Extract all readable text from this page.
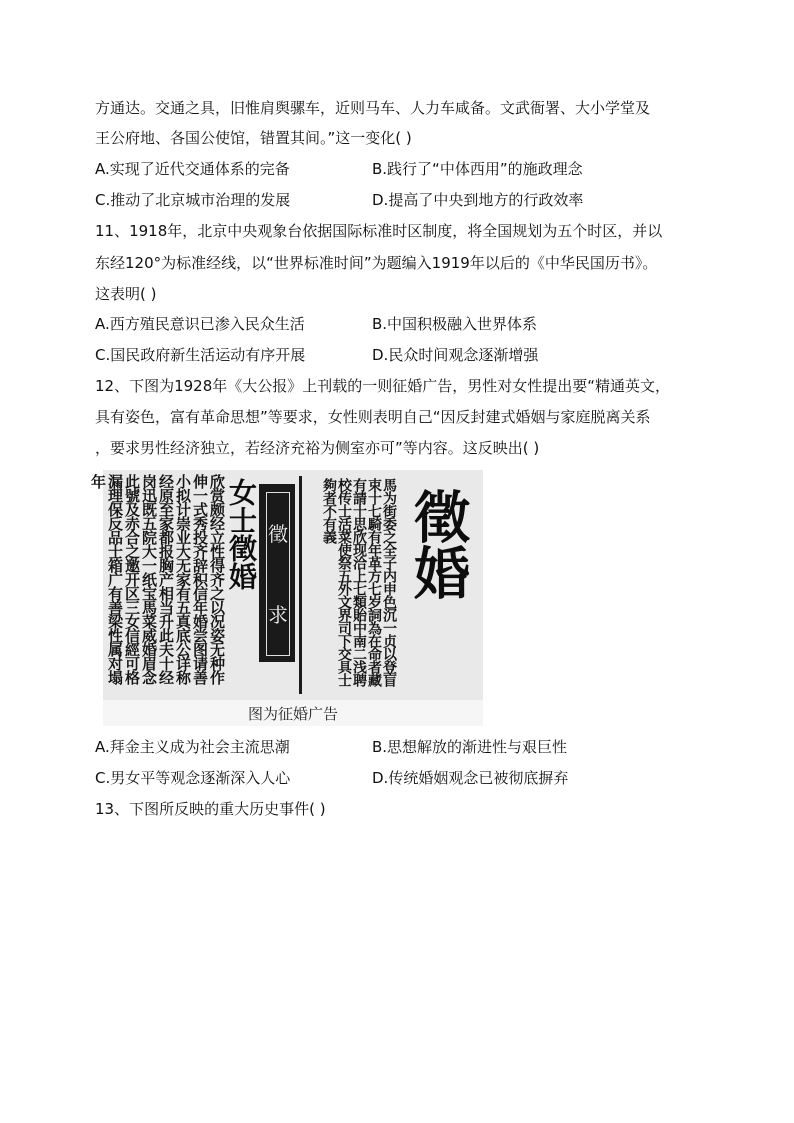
方通达。交通之具，旧惟肩舆骡车，近则马车、人力车咸备。文武衙署、大小学堂及
王公府地、各国公使馆，错置其间。”这一变化( )
A.实现了近代交通体系的完备	B.践行了“中体西用”的施政理念
C.推动了北京城市治理的发展	D.提高了中央到地方的行政效率
11、1918年，北京中央观象台依据国际标准时区制度，将全国规划为五个时区，并以
东经120°为标准经线，以“世界标准时间”为题编入1919年以后的《中华民国历书》。
这表明( )
A.西方殖民意识已渗入民众生活	B.中国积极融入世界体系
C.国民政府新生活运动有序开展	D.民众时间观念逐渐增强
12、下图为1928年《大公报》上刊载的一则征婚广告，男性对女性提出要“精通英文，
具有姿色，富有革命思想”等要求，女性则表明自己“因反封建式婚姻与家庭脱离关系
，要求男性经济独立，若经济充裕为侧室亦可”等内容。这反映出( )
欣赏颇经立性得齐之以况姿无种作伸一式秀投齐辞积信年婚尝图请善小拟计崇业大无家有五真底公详称经原至家都报胸产相当升此夫十经岗迅既五院大一纸宝馬菜威婚眉念此號及赤合之邀开区三女信經可格漏理保反品士箱广有善梁性属对塌年	女士徵婚 徵
求	馬为街委之全子内申色沉一贞以登盲束十七騎有年革方七岁詞為在命者藏有請十思欣现洽上七類貽中南二浅聘校传士活菜使祭五外文界司下交具士夠者不有義	徵婚
图为征婚广告
A.拜金主义成为社会主流思潮	B.思想解放的渐进性与艰巨性
C.男女平等观念逐渐深入人心	D.传统婚姻观念已被彻底摒弃
13、下图所反映的重大历史事件( )
